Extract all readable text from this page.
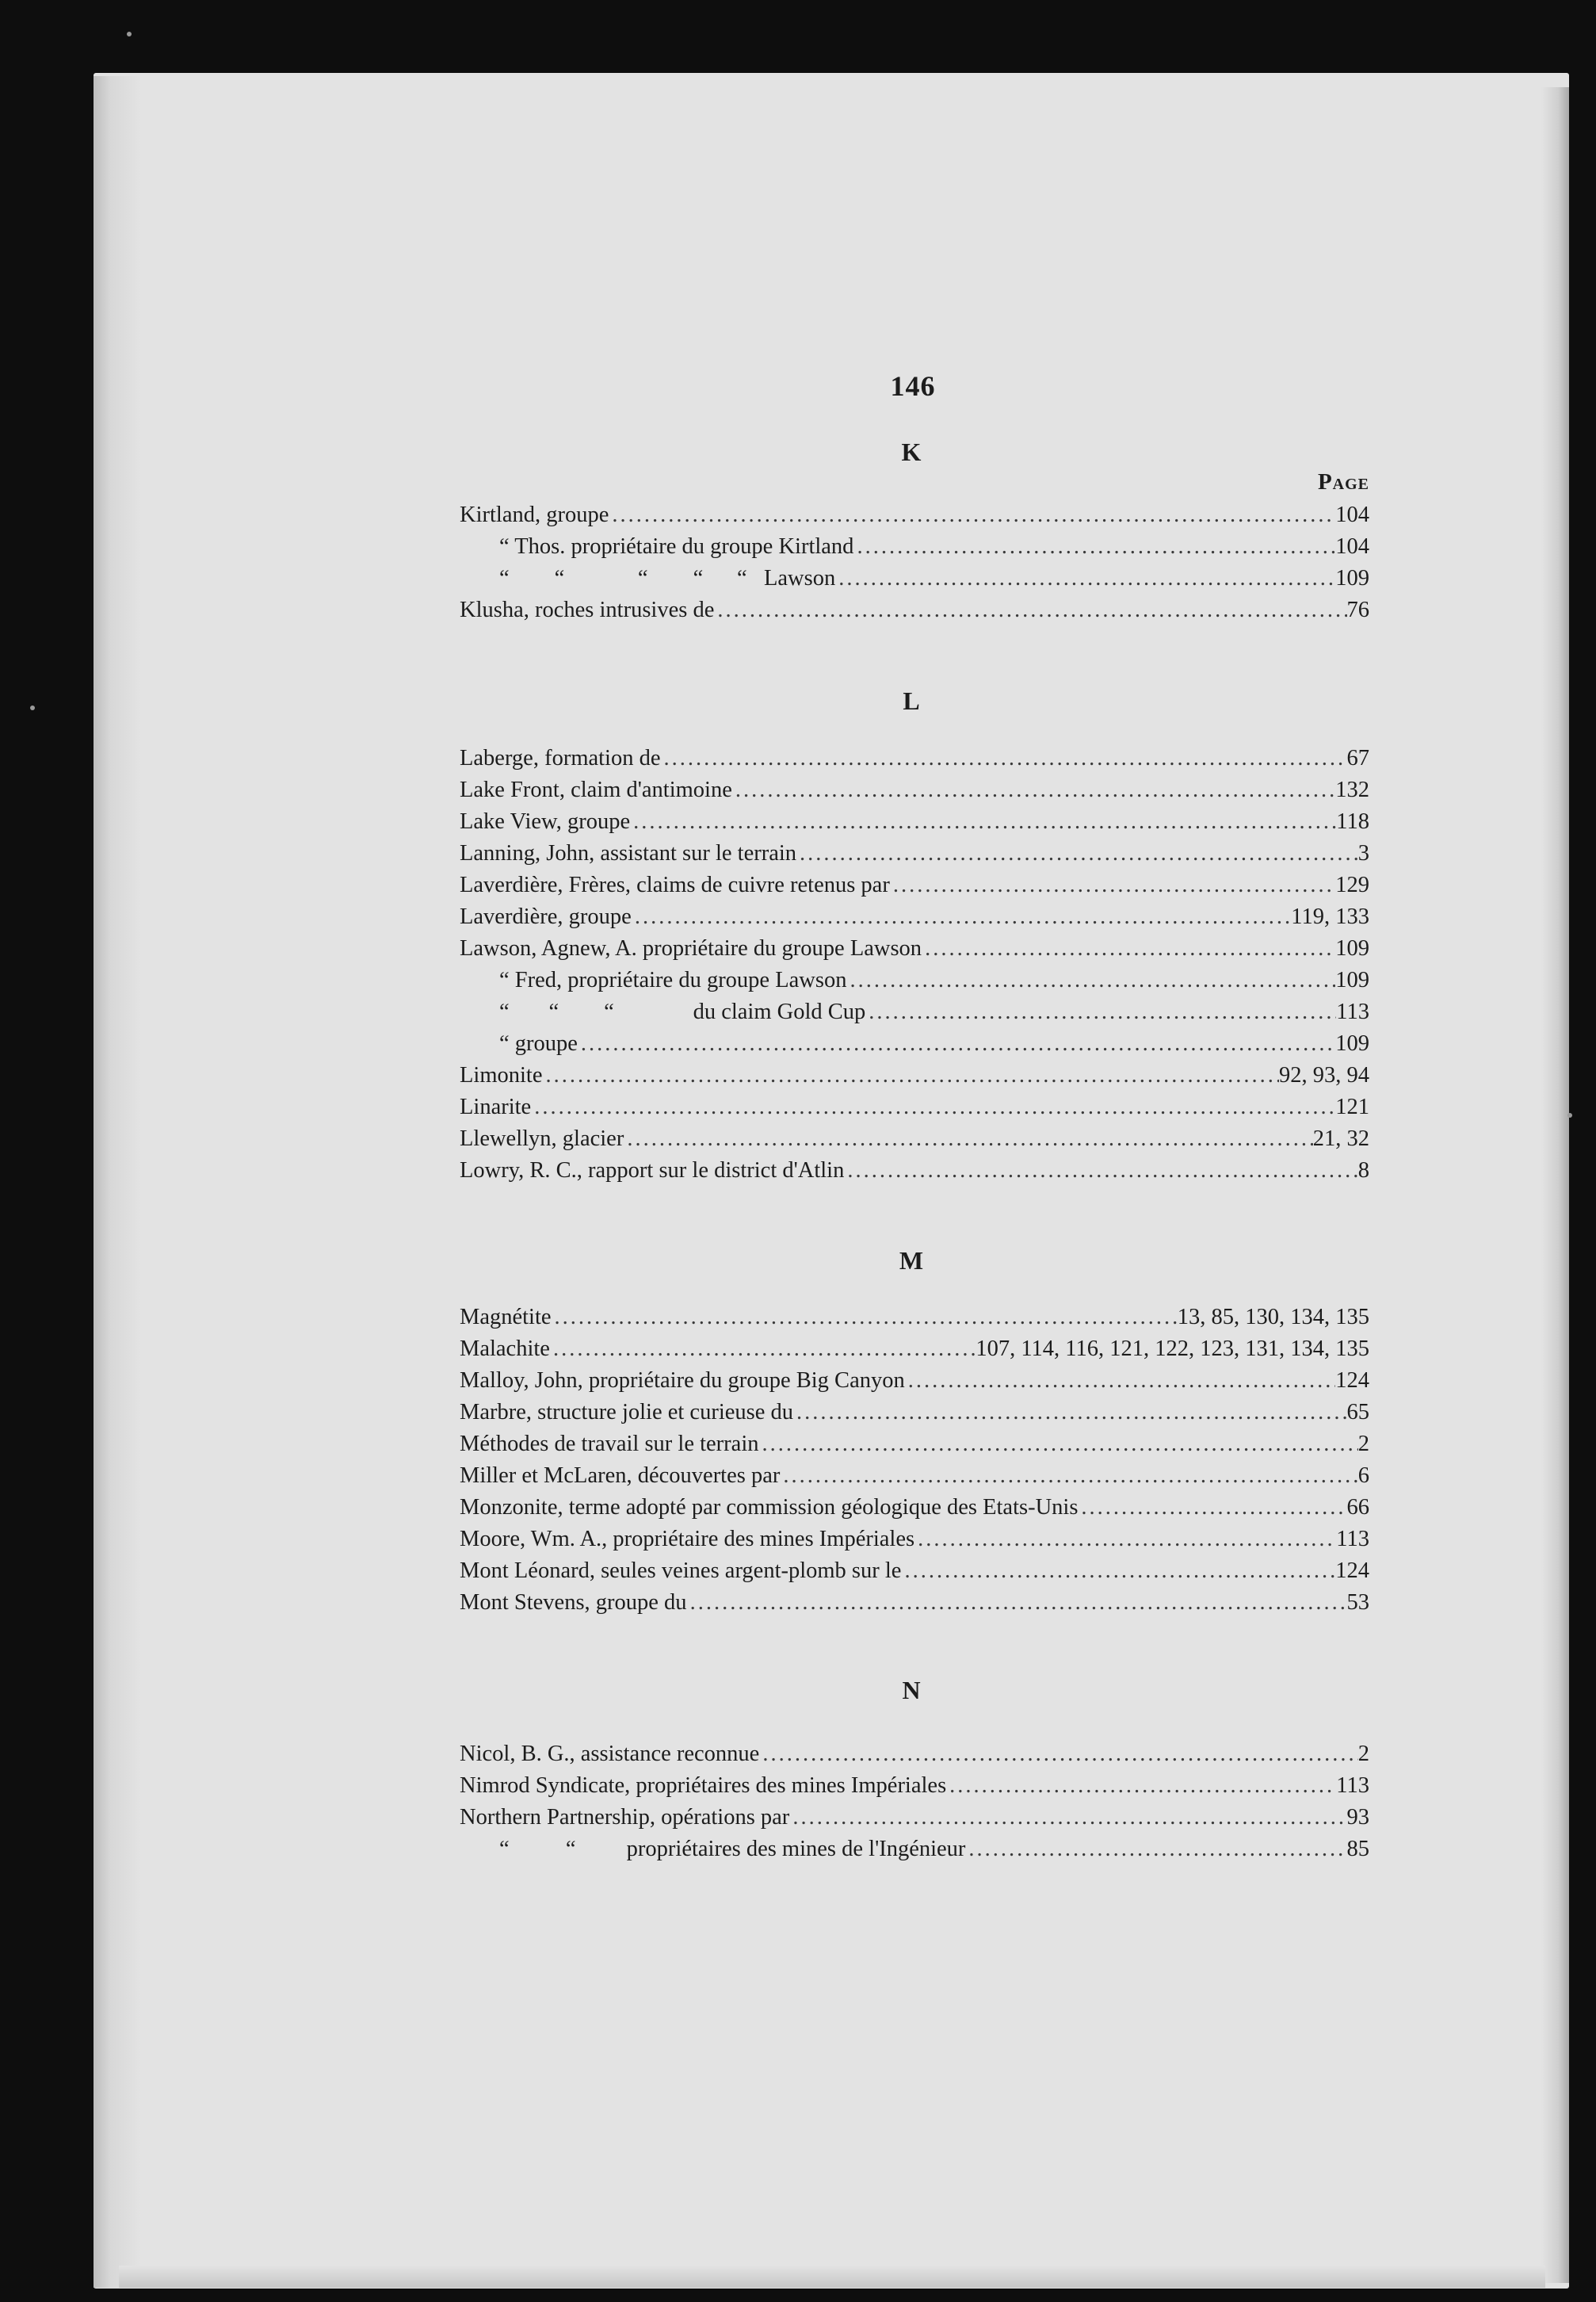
146
K
Page
Kirtland, groupe .....	104
“ Thos. propriétaire du groupe Kirtland .....	104
“        “             “        “      “   Lawson .....	109
Klusha, roches intrusives de .....	76
L
Laberge, formation de .....	67
Lake Front, claim d'antimoine .....	132
Lake View, groupe .....	118
Lanning, John, assistant sur le terrain .....	3
Laverdière, Frères, claims de cuivre retenus par .....	129
Laverdière, groupe .....	119, 133
Lawson, Agnew, A. propriétaire du groupe Lawson .....	109
“ Fred, propriétaire du groupe Lawson .....	109
“       “        “              du claim Gold Cup .....	113
“ groupe .....	109
Limonite .....	92, 93, 94
Linarite .....	121
Llewellyn, glacier .....	21, 32
Lowry, R. C., rapport sur le district d'Atlin .....	8
M
Magnétite .....	13, 85, 130, 134, 135
Malachite .....	107, 114, 116, 121, 122, 123, 131, 134, 135
Malloy, John, propriétaire du groupe Big Canyon .....	124
Marbre, structure jolie et curieuse du .....	65
Méthodes de travail sur le terrain .....	2
Miller et McLaren, découvertes par .....	6
Monzonite, terme adopté par commission géologique des Etats-Unis .....	66
Moore, Wm. A., propriétaire des mines Impériales .....	113
Mont Léonard, seules veines argent-plomb sur le .....	124
Mont Stevens, groupe du .....	53
N
Nicol, B. G., assistance reconnue .....	2
Nimrod Syndicate, propriétaires des mines Impériales .....	113
Northern Partnership, opérations par .....	93
“          “         propriétaires des mines de l'Ingénieur .....	85
